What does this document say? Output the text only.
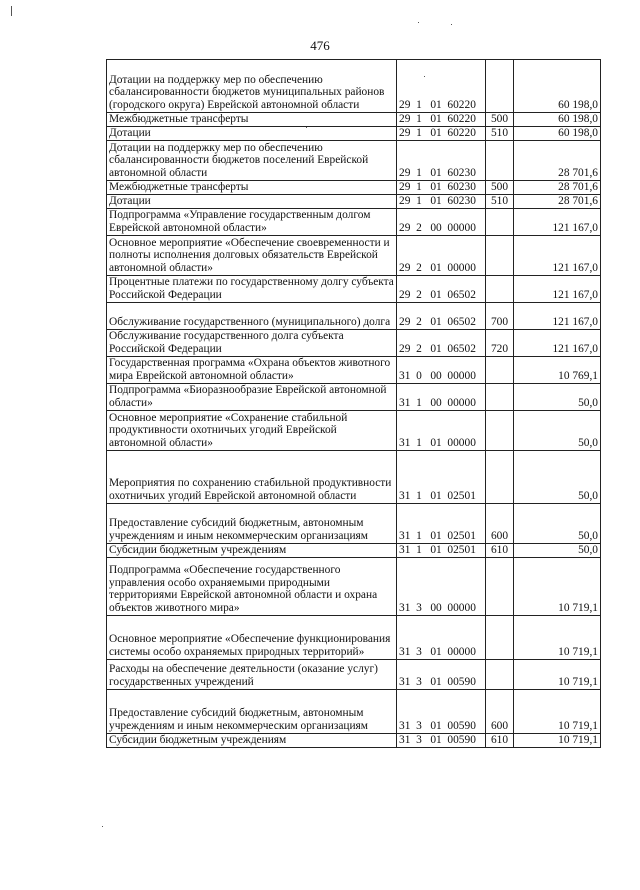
476
Дотации на поддержку мер по обеспечению сбалансированности бюджетов муниципальных районов (городского округа) Еврейской автономной области	29  1   01  60220		60 198,0
Межбюджетные трансферты	29  1   01  60220	500	60 198,0
Дотации	29  1   01  60220	510	60 198,0
Дотации на поддержку мер по обеспечению сбалансированности бюджетов поселений Еврейской автономной области	29  1   01  60230		28 701,6
Межбюджетные трансферты	29  1   01  60230	500	28 701,6
Дотации	29  1   01  60230	510	28 701,6
Подпрограмма «Управление государственным долгом Еврейской автономной области»	29  2   00  00000		121 167,0
Основное мероприятие «Обеспечение своевременности и полноты исполнения долговых обязательств Еврейской автономной области»	29  2   01  00000		121 167,0
Процентные платежи по государственному долгу субъекта Российской Федерации	29  2   01  06502		121 167,0
Обслуживание государственного (муниципального) долга	29  2   01  06502	700	121 167,0
Обслуживание государственного долга субъекта Российской Федерации	29  2   01  06502	720	121 167,0
Государственная программа «Охрана объектов животного мира Еврейской автономной области»	31  0   00  00000		10 769,1
Подпрограмма «Биоразнообразие Еврейской автономной области»	31  1   00  00000		50,0
Основное мероприятие «Сохранение стабильной продуктивности охотничьих угодий Еврейской автономной области»	31  1   01  00000		50,0
Мероприятия по сохранению стабильной продуктивности охотничьих угодий Еврейской автономной области	31  1   01  02501		50,0
Предоставление субсидий бюджетным, автономным учреждениям и иным некоммерческим организациям	31  1   01  02501	600	50,0
Субсидии бюджетным учреждениям	31  1   01  02501	610	50,0
Подпрограмма «Обеспечение государственного управления особо охраняемыми природными территориями Еврейской автономной области и охрана объектов животного мира»	31  3   00  00000		10 719,1
Основное мероприятие «Обеспечение функционирования системы особо охраняемых природных территорий»	31  3   01  00000		10 719,1
Расходы на обеспечение деятельности (оказание услуг) государственных учреждений	31  3   01  00590		10 719,1
Предоставление субсидий бюджетным, автономным учреждениям и иным некоммерческим организациям	31  3   01  00590	600	10 719,1
Субсидии бюджетным учреждениям	31  3   01  00590	610	10 719,1
